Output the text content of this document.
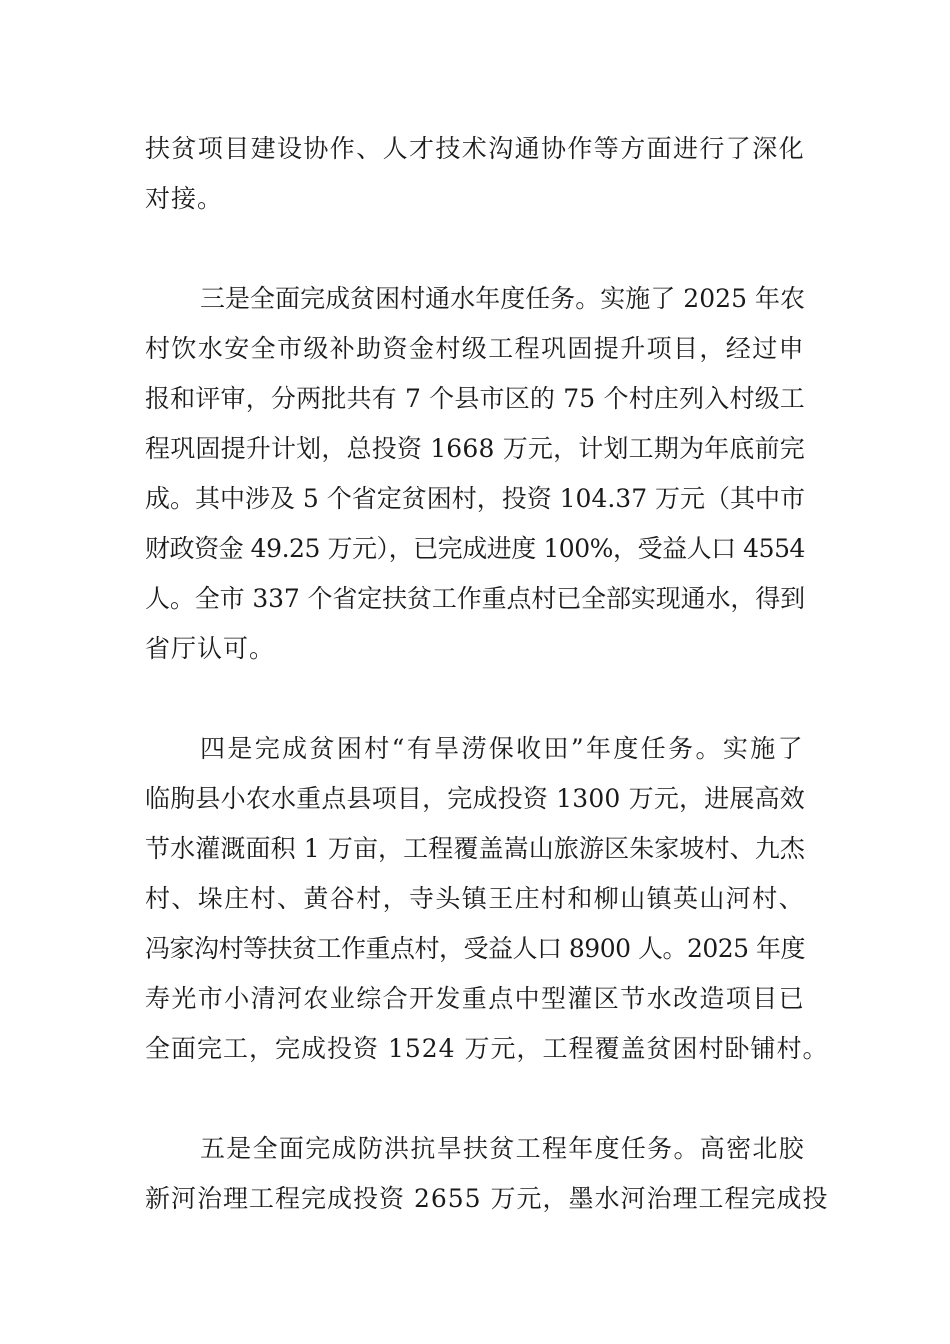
扶贫项目建设协作、人才技术沟通协作等方面进行了深化
对接。
三是全面完成贫困村通水年度任务。实施了 2025 年农
村饮水安全市级补助资金村级工程巩固提升项目，经过申
报和评审，分两批共有 7 个县市区的 75 个村庄列入村级工
程巩固提升计划，总投资 1668 万元，计划工期为年底前完
成。其中涉及 5 个省定贫困村，投资 104.37 万元（其中市
财政资金 49.25 万元），已完成进度 100%，受益人口 4554
人。全市 337 个省定扶贫工作重点村已全部实现通水，得到
省厅认可。
四是完成贫困村“有旱涝保收田”年度任务。实施了
临朐县小农水重点县项目，完成投资 1300 万元，进展高效
节水灌溉面积 1 万亩，工程覆盖嵩山旅游区朱家坡村、九杰
村、垛庄村、黄谷村，寺头镇王庄村和柳山镇英山河村、
冯家沟村等扶贫工作重点村，受益人口 8900 人。2025 年度
寿光市小清河农业综合开发重点中型灌区节水改造项目已
全面完工，完成投资 1524 万元，工程覆盖贫困村卧铺村。
五是全面完成防洪抗旱扶贫工程年度任务。高密北胶
新河治理工程完成投资 2655 万元，墨水河治理工程完成投
